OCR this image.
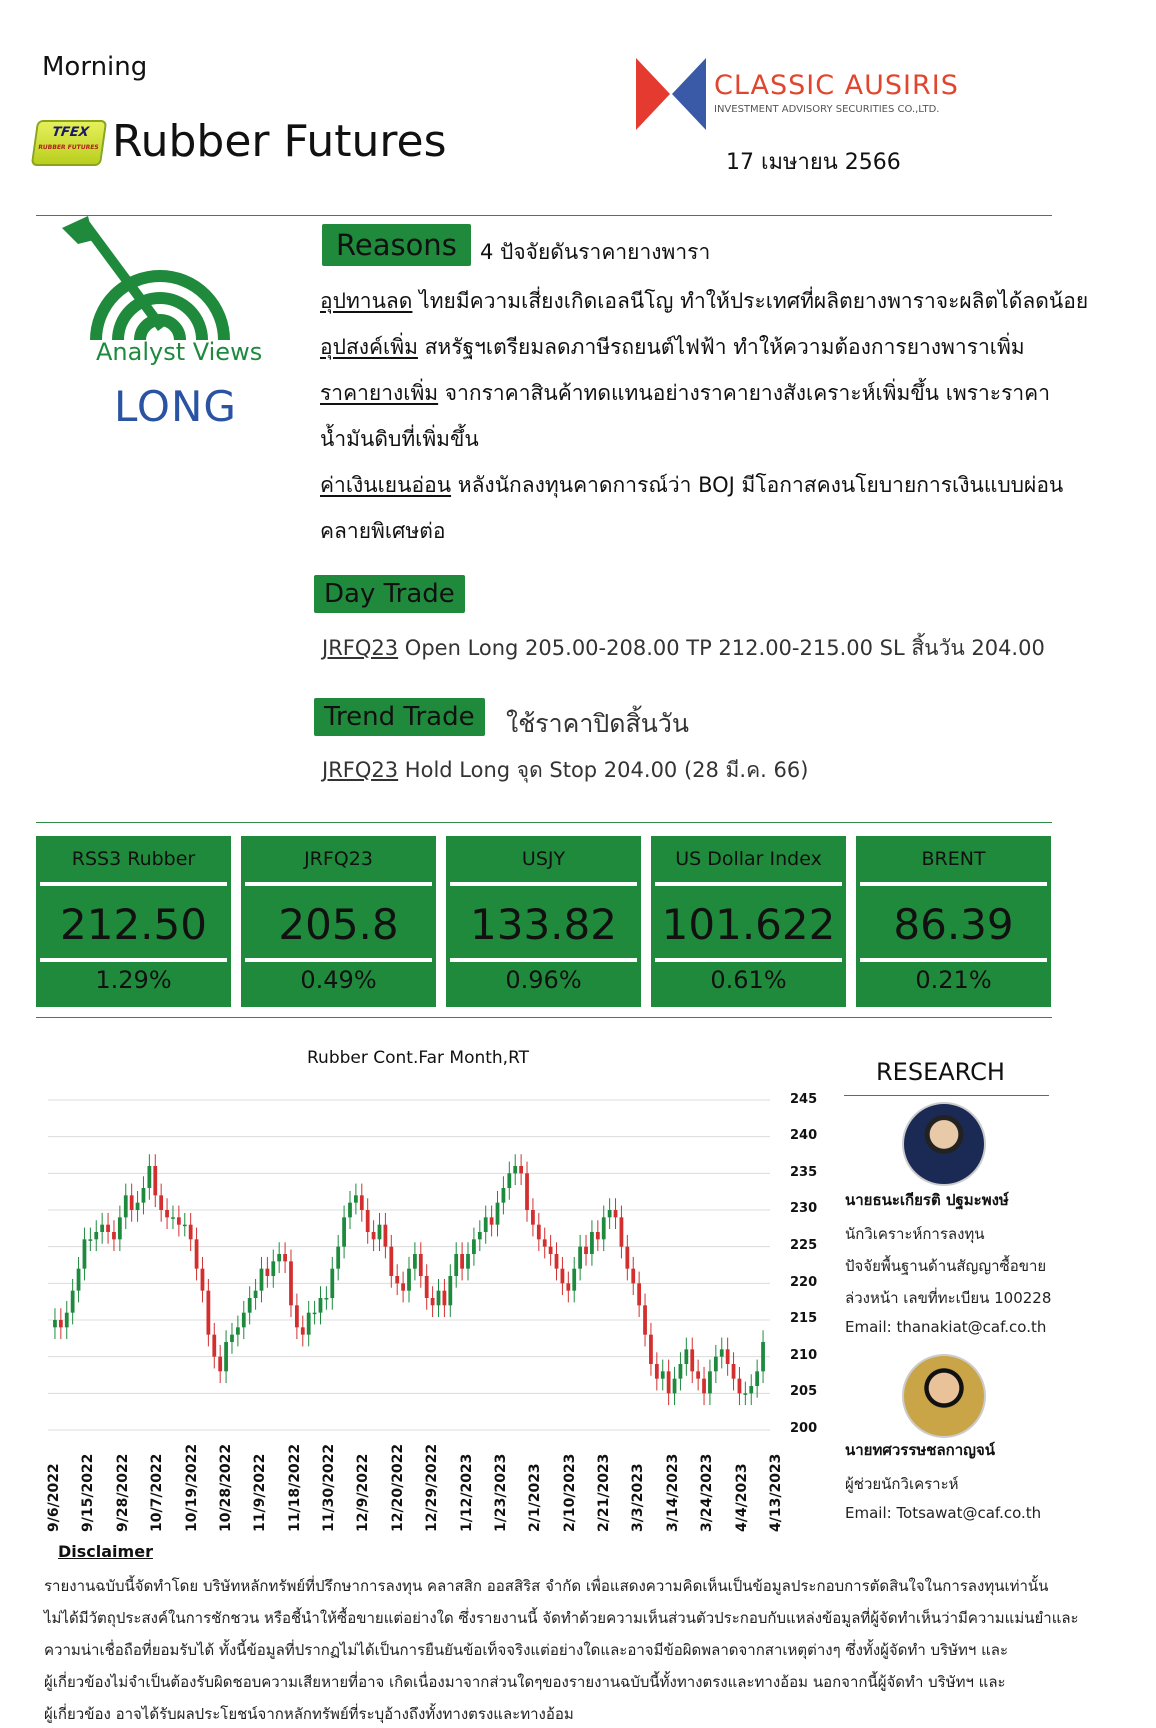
Morning
TFEX
RUBBER FUTURES Rubber Futures
CLASSIC AUSIRIS
INVESTMENT ADVISORY SECURITIES CO.,LTD.
17 เมษายน 2566
Analyst Views
LONG
Reasons	4 ปัจจัยดันราคายางพารา
อุปทานลด ไทยมีความเสี่ยงเกิดเอลนีโญ ทำให้ประเทศที่ผลิตยางพาราจะผลิตได้ลดน้อย
อุปสงค์เพิ่ม สหรัฐฯเตรียมลดภาษีรถยนต์ไฟฟ้า ทำให้ความต้องการยางพาราเพิ่ม
ราคายางเพิ่ม จากราคาสินค้าทดแทนอย่างราคายางสังเคราะห์เพิ่มขึ้น เพราะราคา
น้ำมันดิบที่เพิ่มขึ้น
ค่าเงินเยนอ่อน หลังนักลงทุนคาดการณ์ว่า BOJ มีโอกาสคงนโยบายการเงินแบบผ่อน
คลายพิเศษต่อ
Day Trade
JRFQ23 Open Long 205.00-208.00 TP 212.00-215.00 SL สิ้นวัน 204.00
Trend Trade	ใช้ราคาปิดสิ้นวัน
JRFQ23 Hold Long จุด Stop 204.00 (28 มี.ค. 66)
RSS3 Rubber
212.50
1.29%
JRFQ23
205.8
0.49%
USJY
133.82
0.96%
US Dollar Index
101.622
0.61%
BRENT
86.39
0.21%
Rubber Cont.Far Month,RT
245
240
235
230
225
220
215
210
205
200
9/6/2022 9/15/2022 9/28/2022 10/7/2022 10/19/2022 10/28/2022 11/9/2022 11/18/2022 11/30/2022 12/9/2022 12/20/2022 12/29/2022 1/12/2023 1/23/2023 2/1/2023 2/10/2023 2/21/2023 3/3/2023 3/14/2023 3/24/2023 4/4/2023 4/13/2023
RESEARCH
นายธนะเกียรติ ปฐมะพงษ์
นักวิเคราะห์การลงทุน
ปัจจัยพื้นฐานด้านสัญญาซื้อขาย
ล่วงหน้า เลขที่ทะเบียน 100228
Email: thanakiat@caf.co.th
นายทศวรรษชลกาญจน์
ผู้ช่วยนักวิเคราะห์
Email: Totsawat@caf.co.th
Disclaimer
รายงานฉบับนี้จัดทำโดย บริษัทหลักทรัพย์ที่ปรึกษาการลงทุน คลาสสิก ออสสิริส จำกัด เพื่อแสดงความคิดเห็นเป็นข้อมูลประกอบการตัดสินใจในการลงทุนเท่านั้น
ไม่ได้มีวัตถุประสงค์ในการชักชวน หรือชี้นำให้ซื้อขายแต่อย่างใด ซึ่งรายงานนี้ จัดทำด้วยความเห็นส่วนตัวประกอบกับแหล่งข้อมูลที่ผู้จัดทำเห็นว่ามีความแม่นยำและ
ความน่าเชื่อถือที่ยอมรับได้ ทั้งนี้ข้อมูลที่ปรากฏไม่ได้เป็นการยืนยันข้อเท็จจริงแต่อย่างใดและอาจมีข้อผิดพลาดจากสาเหตุต่างๆ ซึ่งทั้งผู้จัดทำ บริษัทฯ และ
ผู้เกี่ยวข้องไม่จำเป็นต้องรับผิดชอบความเสียหายที่อาจ เกิดเนื่องมาจากส่วนใดๆของรายงานฉบับนี้ทั้งทางตรงและทางอ้อม นอกจากนี้ผู้จัดทำ บริษัทฯ และ
ผู้เกี่ยวข้อง อาจได้รับผลประโยชน์จากหลักทรัพย์ที่ระบุอ้างถึงทั้งทางตรงและทางอ้อม
